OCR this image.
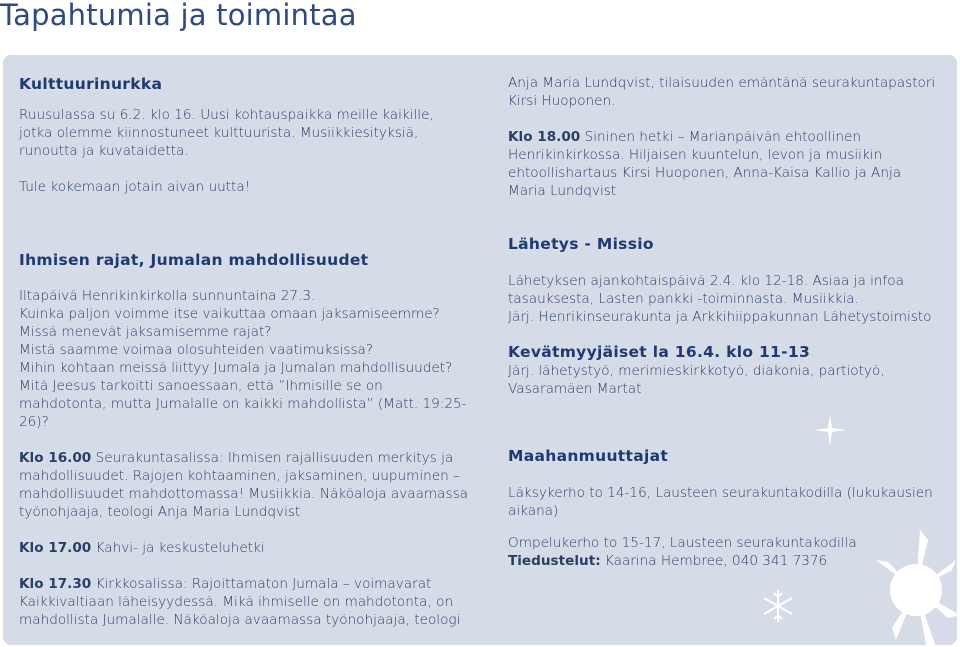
Tapahtumia ja toimintaa

Kulttuurinurkka

Ruusulassa su 6.2. klo 16. Uusi kohtauspaikka meille kaikille, jotka olemme kiinnostuneet kulttuurista. Musiikkiesityksiä, runoutta ja kuvataidetta.

Tule kokemaan jotain aivan uutta!

Ihmisen rajat, Jumalan mahdollisuudet

Iltapäivä Henrikinkirkolla sunnuntaina 27.3.

Kuinka paljon voimme itse vaikuttaa omaan jaksamiseemme?

Missä menevät jaksamisemme rajat?

Mistä saamme voimaa olosuhteiden vaatimuksissa?

Mihin kohtaan meissä liittyy Jumala ja Jumalan mahdollisuudet?

Mitä Jeesus tarkoitti sanoessaan, että ”Ihmisille se on mahdotonta, mutta Jumalalle on kaikki mahdollista” (Matt. 19:25-26)?

Klo 16.00 Seurakuntasalissa: Ihmisen rajallisuuden merkitys ja mahdollisuudet. Rajojen kohtaaminen, jaksaminen, uupuminen – mahdollisuudet mahdottomassa! Musiikkia. Näköaloja avaamassa työnohjaaja, teologi Anja Maria Lundqvist

Klo 17.00 Kahvi- ja keskusteluhetki

Klo 17.30 Kirkkosalissa: Rajoittamaton Jumala – voimavarat Kaikkivaltiaan läheisyydessä. Mikä ihmiselle on mahdotonta, on mahdollista Jumalalle. Näköaloja avaamassa työnohjaaja, teologi

Anja Maria Lundqvist, tilaisuuden emäntänä seurakuntapastori Kirsi Huoponen.

Klo 18.00 Sininen hetki – Marianpäivän ehtoollinen Henrikinkirkossa. Hiljaisen kuuntelun, levon ja musiikin ehtoollishartaus Kirsi Huoponen, Anna-Kaisa Kallio ja Anja Maria Lundqvist

Lähetys - Missio

Lähetyksen ajankohtaispäivä 2.4. klo 12-18. Asiaa ja infoa tasauksesta, Lasten pankki -toiminnasta. Musiikkia.

Järj. Henrikinseurakunta ja Arkkihiippakunnan Lähetystoimisto

Kevätmyyjäiset la 16.4. klo 11-13

Järj. lähetystyö, merimieskirkkotyö, diakonia, partiotyö, Vasaramäen Martat

Maahanmuuttajat

Läksykerho to 14-16, Lausteen seurakuntakodilla (lukukausien aikana)

Ompelukerho to 15-17, Lausteen seurakuntakodilla

Tiedustelut: Kaarina Hembree, 040 341 7376
